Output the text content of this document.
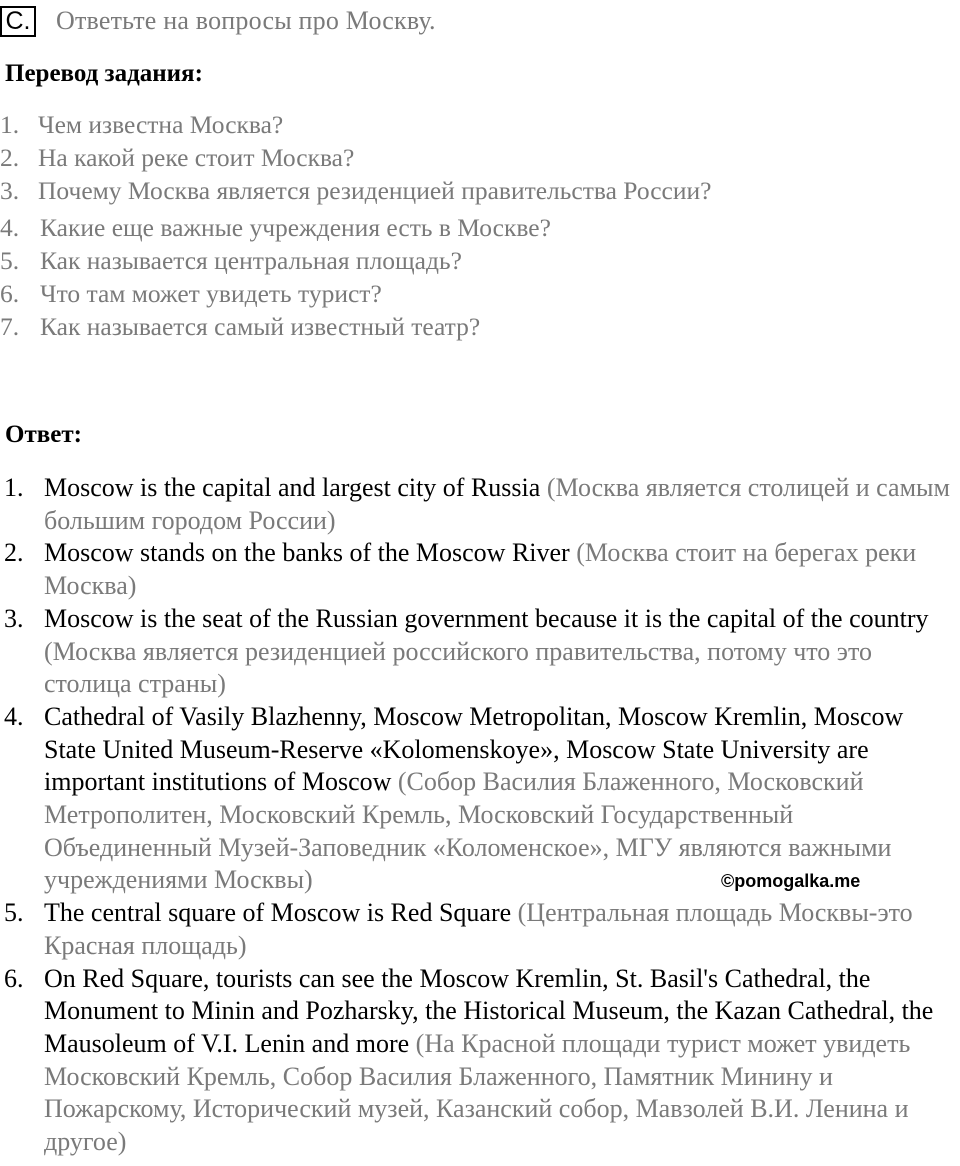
C. Ответьте на вопросы про Москву.
Перевод задания:
1. Чем известна Москва?
2. На какой реке стоит Москва?
3. Почему Москва является резиденцией правительства России?
4. Какие еще важные учреждения есть в Москве?
5. Как называется центральная площадь?
6. Что там может увидеть турист?
7. Как называется самый известный театр?
Ответ:
1. Moscow is the capital and largest city of Russia (Москва является столицей и самым большим городом России)
2. Moscow stands on the banks of the Moscow River (Москва стоит на берегах реки Москва)
3. Moscow is the seat of the Russian government because it is the capital of the country (Москва является резиденцией российского правительства, потому что это столица страны)
4. Cathedral of Vasily Blazhenny, Moscow Metropolitan, Moscow Kremlin, Moscow State United Museum-Reserve «Kolomenskoye», Moscow State University are important institutions of Moscow (Собор Василия Блаженного, Московский Метрополитен, Московский Кремль, Московский Государственный Объединенный Музей-Заповедник «Коломенское», МГУ являются важными учреждениями Москвы)
5. The central square of Moscow is Red Square (Центральная площадь Москвы-это Красная площадь)
6. On Red Square, tourists can see the Moscow Kremlin, St. Basil's Cathedral, the Monument to Minin and Pozharsky, the Historical Museum, the Kazan Cathedral, the Mausoleum of V.I. Lenin and more (На Красной площади турист может увидеть Московский Кремль, Собор Василия Блаженного, Памятник Минину и Пожарскому, Исторический музей, Казанский собор, Мавзолей В.И. Ленина и другое)
©pomogalka.me
